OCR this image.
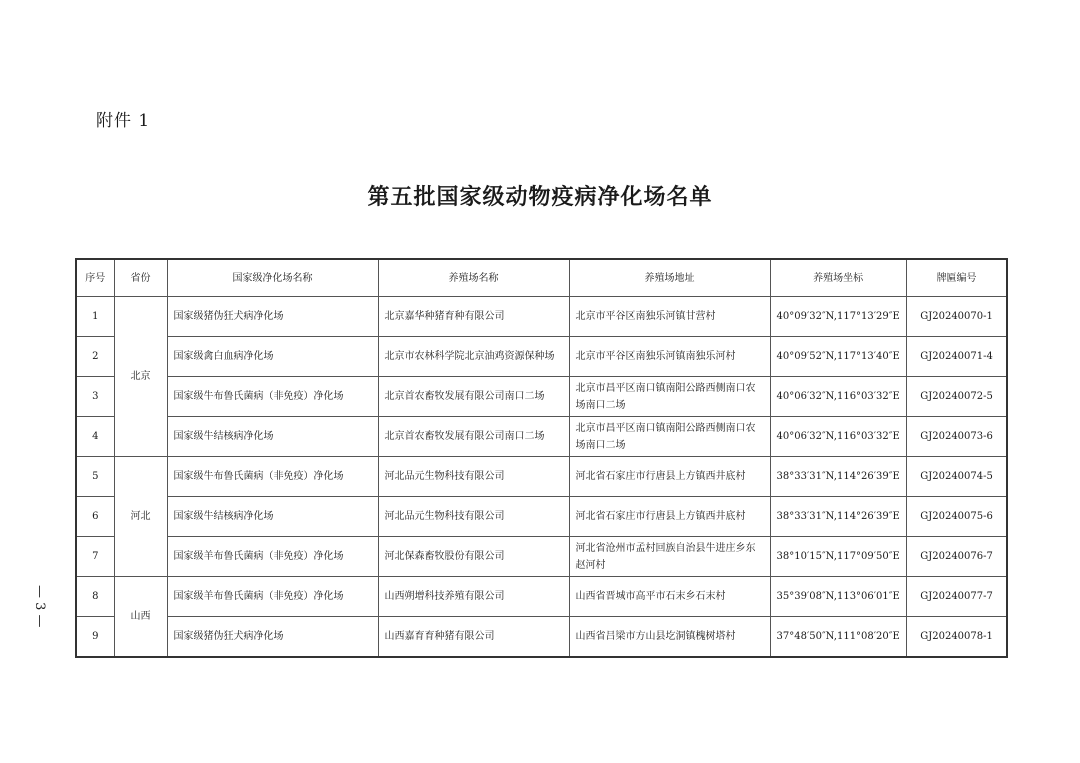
附件 1
第五批国家级动物疫病净化场名单
序号	省份	国家级净化场名称	养殖场名称	养殖场地址	养殖场坐标	牌匾编号
1	北京	国家级猪伪狂犬病净化场	北京嘉华种猪育种有限公司	北京市平谷区南独乐河镇甘营村	40°09′32″N,117°13′29″E	GJ20240070-1
2		国家级禽白血病净化场	北京市农林科学院北京油鸡资源保种场	北京市平谷区南独乐河镇南独乐河村	40°09′52″N,117°13′40″E	GJ20240071-4
3		国家级牛布鲁氏菌病（非免疫）净化场	北京首农畜牧发展有限公司南口二场	北京市昌平区南口镇南阳公路西侧南口农场南口二场	40°06′32″N,116°03′32″E	GJ20240072-5
4		国家级牛结核病净化场	北京首农畜牧发展有限公司南口二场	北京市昌平区南口镇南阳公路西侧南口农场南口二场	40°06′32″N,116°03′32″E	GJ20240073-6
5	河北	国家级牛布鲁氏菌病（非免疫）净化场	河北品元生物科技有限公司	河北省石家庄市行唐县上方镇西井底村	38°33′31″N,114°26′39″E	GJ20240074-5
6		国家级牛结核病净化场	河北品元生物科技有限公司	河北省石家庄市行唐县上方镇西井底村	38°33′31″N,114°26′39″E	GJ20240075-6
7		国家级羊布鲁氏菌病（非免疫）净化场	河北保森畜牧股份有限公司	河北省沧州市孟村回族自治县牛进庄乡东赵河村	38°10′15″N,117°09′50″E	GJ20240076-7
8	山西	国家级羊布鲁氏菌病（非免疫）净化场	山西朔增科技养殖有限公司	山西省晋城市高平市石末乡石末村	35°39′08″N,113°06′01″E	GJ20240077-7
9		国家级猪伪狂犬病净化场	山西嘉育育种猪有限公司	山西省吕梁市方山县圪洞镇槐树塔村	37°48′50″N,111°08′20″E	GJ20240078-1
— 3 —
